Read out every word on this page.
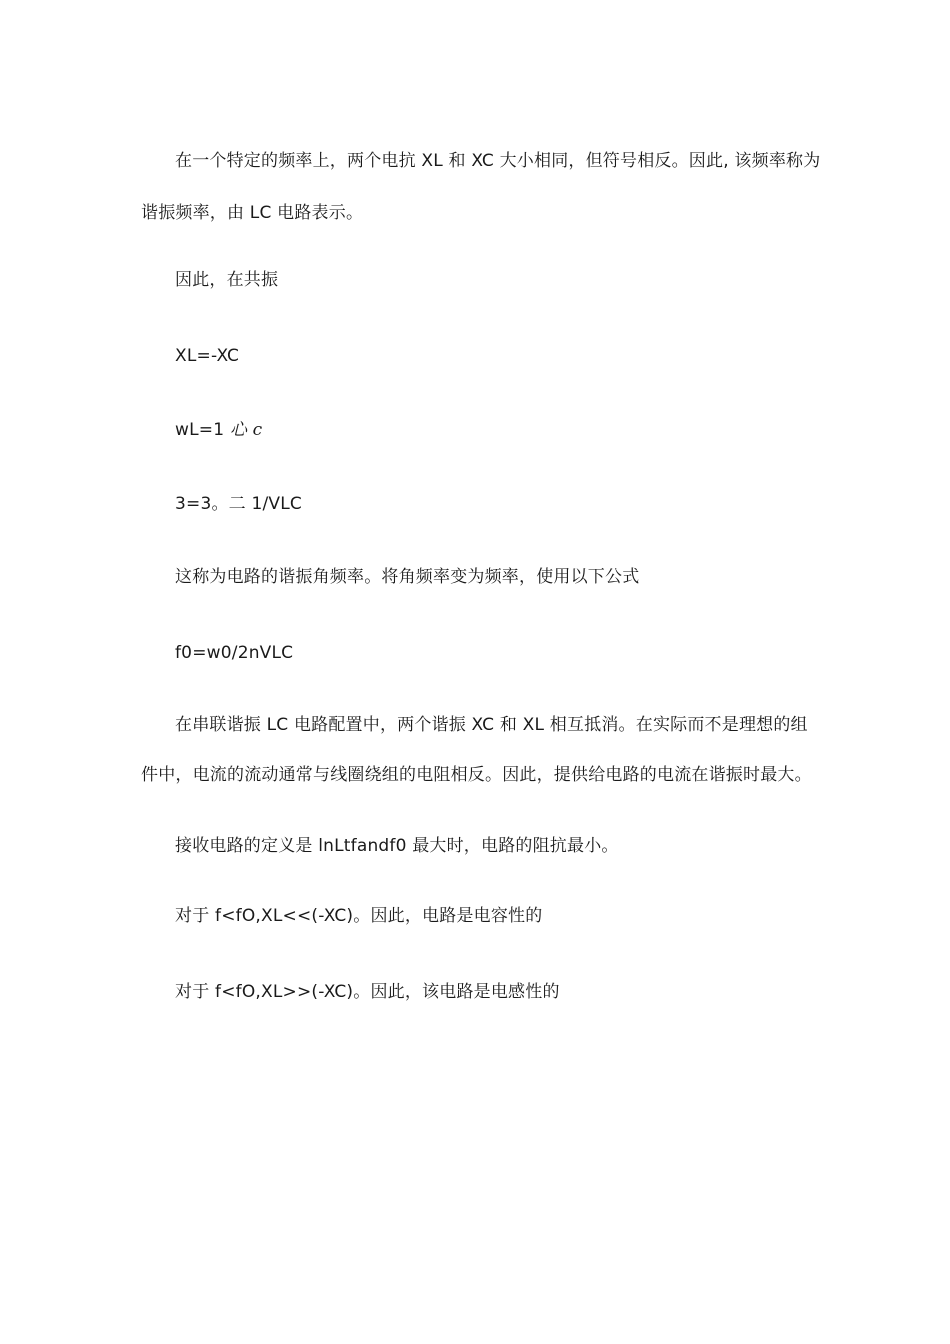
在一个特定的频率上，两个电抗 XL 和 XC 大小相同，但符号相反。因此, 该频率称为
谐振频率，由 LC 电路表示。
因此，在共振
XL=-XC
wL=1 心 c
3=3。二 1/VLC
这称为电路的谐振角频率。将角频率变为频率，使用以下公式
f0=w0/2nVLC
在串联谐振 LC 电路配置中，两个谐振 XC 和 XL 相互抵消。在实际而不是理想的组
件中，电流的流动通常与线圈绕组的电阻相反。因此，提供给电路的电流在谐振时最大。
接收电路的定义是 lnLtfandf0 最大时，电路的阻抗最小。
对于 f<fO,XL<<(-XC)。因此，电路是电容性的
对于 f<fO,XL>>(-XC)。因此，该电路是电感性的
